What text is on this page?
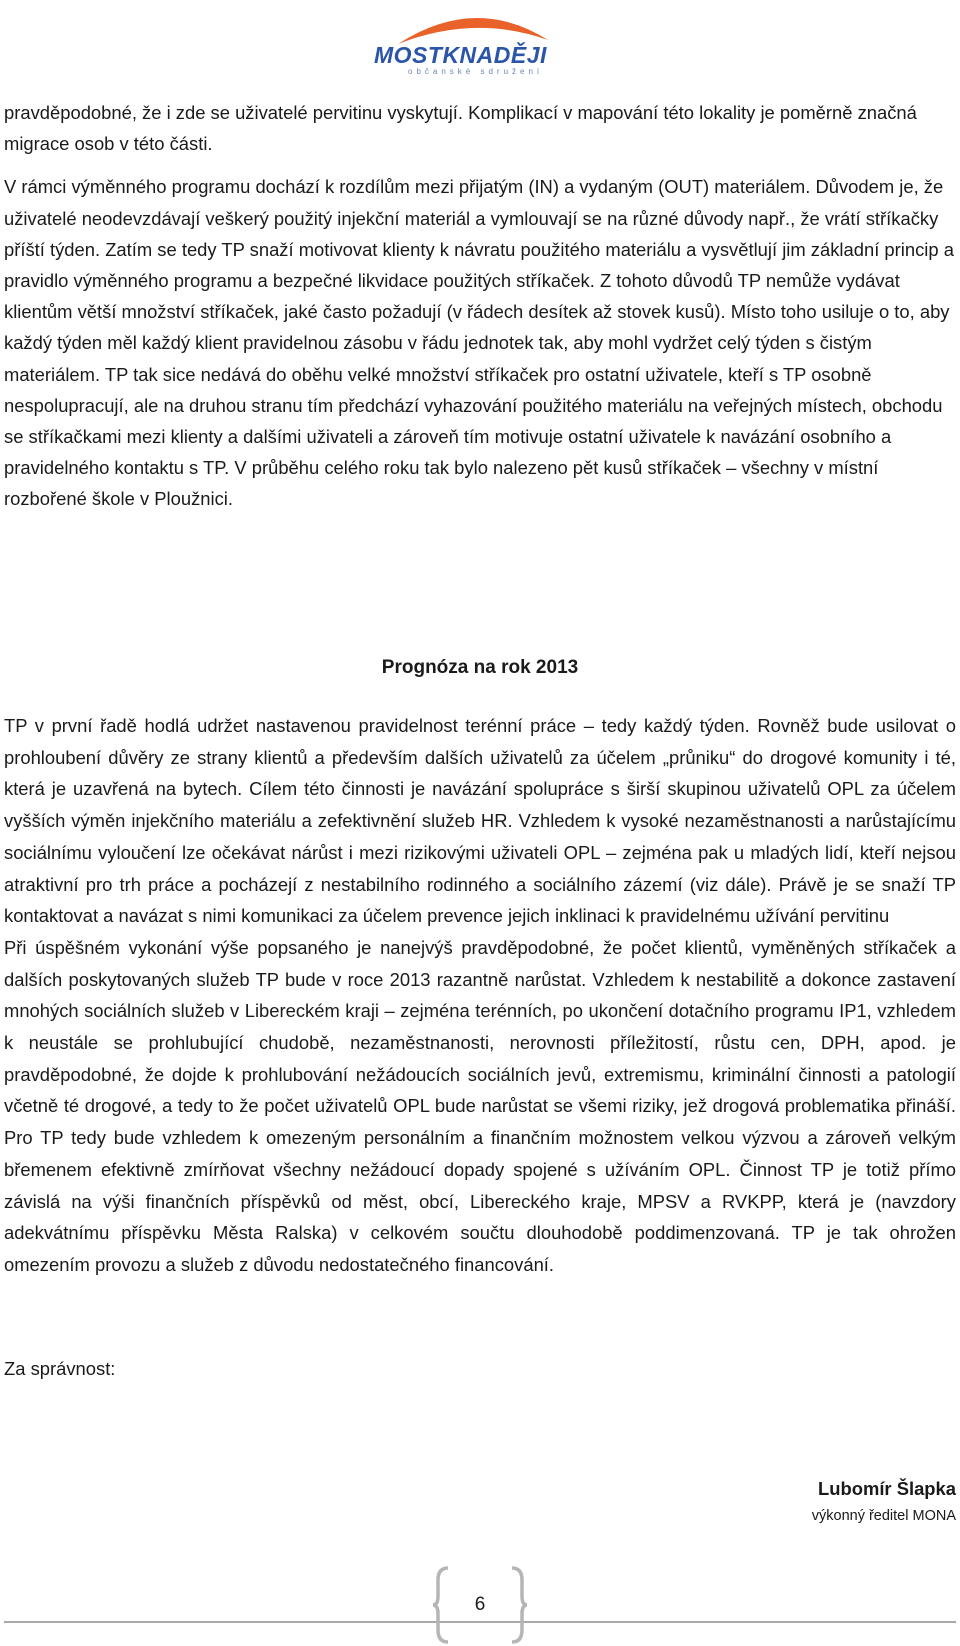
MOSTKNADĚJI
občanské sdružení

pravděpodobné, že i zde se uživatelé pervitinu vyskytují. Komplikací v mapování této lokality je poměrně značná migrace osob v této části.

V rámci výměnného programu dochází k rozdílům mezi přijatým (IN) a vydaným (OUT) materiálem. Důvodem je, že uživatelé neodevzdávají veškerý použitý injekční materiál a vymlouvají se na různé důvody např., že vrátí stříkačky příští týden. Zatím se tedy TP snaží motivovat klienty k návratu použitého materiálu a vysvětlují jim základní princip a pravidlo výměnného programu a bezpečné likvidace použitých stříkaček. Z tohoto důvodů TP nemůže vydávat klientům větší množství stříkaček, jaké často požadují (v řádech desítek až stovek kusů). Místo toho usiluje o to, aby každý týden měl každý klient pravidelnou zásobu v řádu jednotek tak, aby mohl vydržet celý týden s čistým materiálem. TP tak sice nedává do oběhu velké množství stříkaček pro ostatní uživatele, kteří s TP osobně nespolupracují, ale na druhou stranu tím předchází vyhazování použitého materiálu na veřejných místech, obchodu se stříkačkami mezi klienty a dalšími uživateli a zároveň tím motivuje ostatní uživatele k navázání osobního a pravidelného kontaktu s TP. V průběhu celého roku tak bylo nalezeno pět kusů stříkaček – všechny v místní rozbořené škole v Ploužnici.

Prognóza na rok 2013

TP v první řadě hodlá udržet nastavenou pravidelnost terénní práce – tedy každý týden. Rovněž bude usilovat o prohloubení důvěry ze strany klientů a především dalších uživatelů za účelem „průniku“ do drogové komunity i té, která je uzavřená na bytech. Cílem této činnosti je navázání spolupráce s širší skupinou uživatelů OPL za účelem vyšších výměn injekčního materiálu a zefektivnění služeb HR. Vzhledem k vysoké nezaměstnanosti a narůstajícímu sociálnímu vyloučení lze očekávat nárůst i mezi rizikovými uživateli OPL – zejména pak u mladých lidí, kteří nejsou atraktivní pro trh práce a pocházejí z nestabilního rodinného a sociálního zázemí (viz dále). Právě je se snaží TP kontaktovat a navázat s nimi komunikaci za účelem prevence jejich inklinaci k pravidelnému užívání pervitinu

Při úspěšném vykonání výše popsaného je nanejvýš pravděpodobné, že počet klientů, vyměněných stříkaček a dalších poskytovaných služeb TP bude v roce 2013 razantně narůstat. Vzhledem k nestabilitě a dokonce zastavení mnohých sociálních služeb v Libereckém kraji – zejména terénních, po ukončení dotačního programu IP1, vzhledem k neustále se prohlubující chudobě, nezaměstnanosti, nerovnosti příležitostí, růstu cen, DPH, apod. je pravděpodobné, že dojde k prohlubování nežádoucích sociálních jevů, extremismu, kriminální činnosti a patologií včetně té drogové, a tedy to že počet uživatelů OPL bude narůstat se všemi riziky, jež drogová problematika přináší. Pro TP tedy bude vzhledem k omezeným personálním a finančním možnostem velkou výzvou a zároveň velkým břemenem efektivně zmírňovat všechny nežádoucí dopady spojené s užíváním OPL. Činnost TP je totiž přímo závislá na výši finančních příspěvků od měst, obcí, Libereckého kraje, MPSV a RVKPP, která je (navzdory adekvátnímu příspěvku Města Ralska) v celkovém součtu dlouhodobě poddimenzovaná. TP je tak ohrožen omezením provozu a služeb z důvodu nedostatečného financování.

Za správnost:

Lubomír Šlapka

výkonný ředitel MONA

6
